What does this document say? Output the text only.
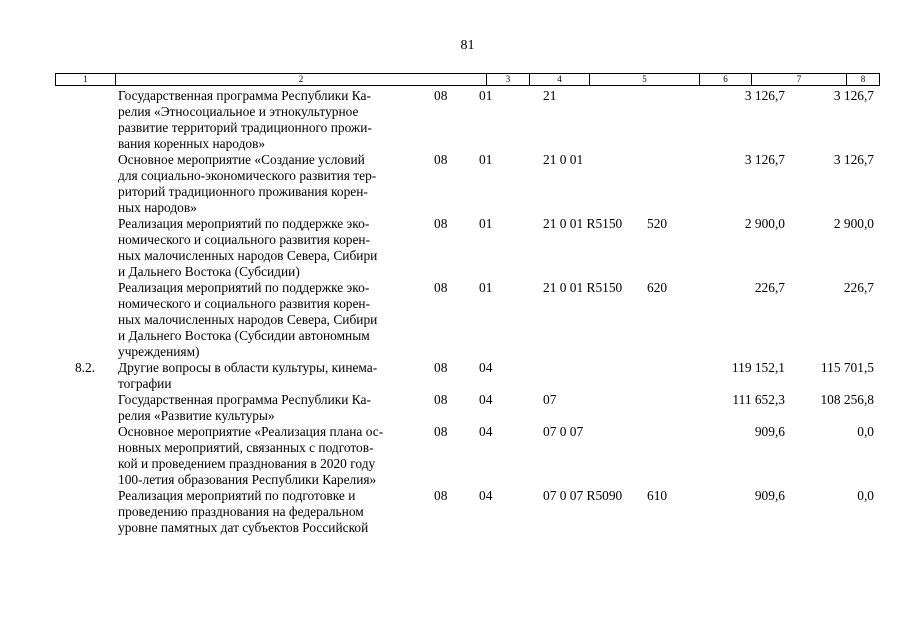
81
1	2	3	4	5	6	7	8
Государственная программа Республики Ка-
релия «Этносоциальное и этнокультурное
развитие территорий традиционного прожи-
вания коренных народов»
08 01	21	3 126,7	3 126,7
Основное мероприятие «Создание условий
для социально-экономического развития тер-
риторий традиционного проживания корен-
ных народов»
08 01	21 0 01	3 126,7	3 126,7
Реализация мероприятий по поддержке эко-
номического и социального развития корен-
ных малочисленных народов Севера, Сибири
и Дальнего Востока (Субсидии)
08 01	21 0 01 R5150 520	2 900,0	2 900,0
Реализация мероприятий по поддержке эко-
номического и социального развития корен-
ных малочисленных народов Севера, Сибири
и Дальнего Востока (Субсидии автономным
учреждениям)
08 01	21 0 01 R5150 620	226,7	226,7
8.2.	Другие вопросы в области культуры, кинема-
тографии
08 04	119 152,1	115 701,5
Государственная программа Республики Ка-
релия «Развитие культуры»
08 04	07	111 652,3	108 256,8
Основное мероприятие «Реализация плана ос-
новных мероприятий, связанных с подготов-
кой и проведением празднования в 2020 году
100-летия образования Республики Карелия»
08 04	07 0 07	909,6	0,0
Реализация мероприятий по подготовке и
проведению празднования на федеральном
уровне памятных дат субъектов Российской
08 04	07 0 07 R5090 610	909,6	0,0
